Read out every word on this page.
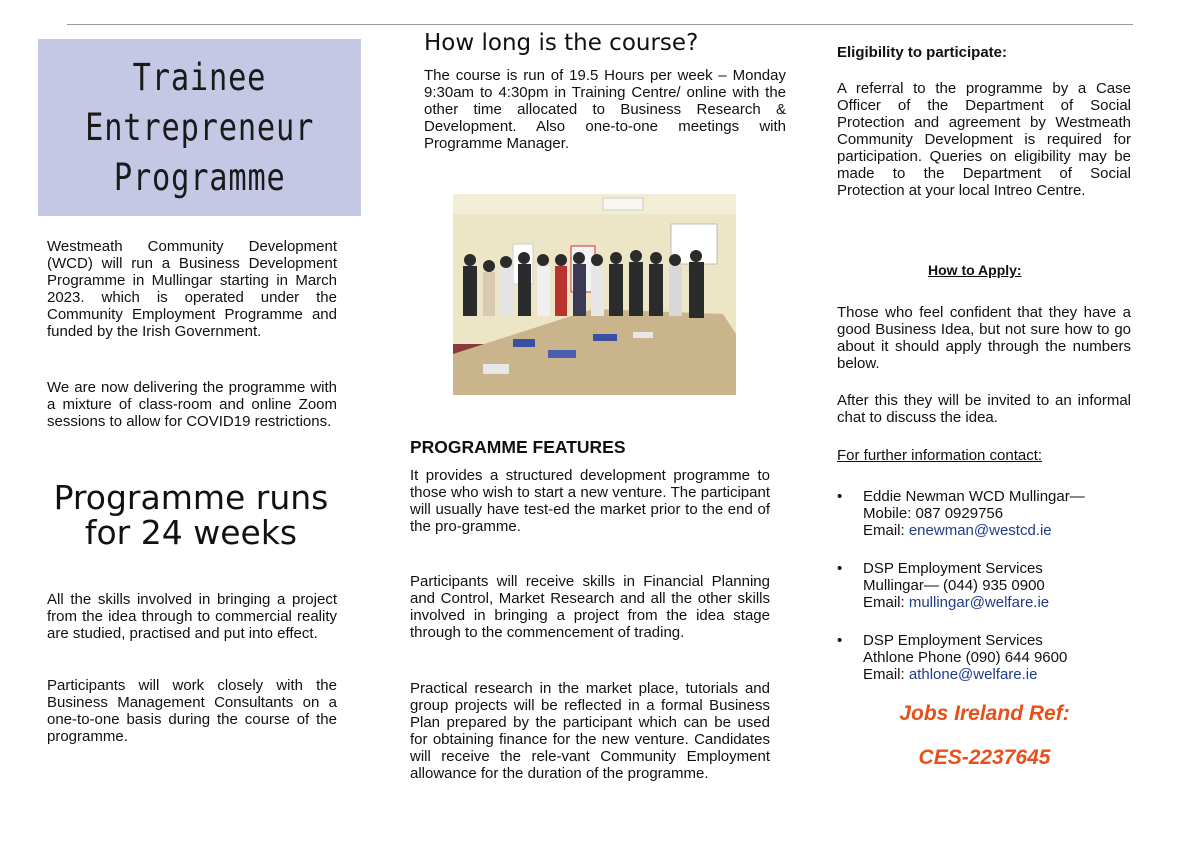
Trainee
Entrepreneur
Programme

Westmeath Community Development (WCD) will run a Business Development Programme in Mullingar starting in March 2023. which is operated under the Community Employment Programme and funded by the Irish Government.

We are now delivering the programme with a mixture of class-room and online Zoom sessions to allow for COVID19 restrictions.

Programme runs for 24 weeks

All the skills involved in bringing a project from the idea through to commercial reality are studied, practised and put into effect.

Participants will work closely with the Business Management Consultants on a one-to-one basis during the course of the programme.

How long is the course?

The course is run of 19.5 Hours per week – Monday 9:30am to 4:30pm in Training Centre/ online with the other time allocated to Business Research & Development. Also one-to-one meetings with Programme Manager.

PROGRAMME FEATURES

It provides a structured development programme to those who wish to start a new venture. The participant will usually have test-ed the market prior to the end of the pro-gramme.

Participants will receive skills in Financial Planning and Control, Market Research and all the other skills involved in bringing a project from the idea stage through to the commencement of trading.

Practical research in the market place, tutorials and group projects will be reflected in a formal Business Plan prepared by the participant which can be used for obtaining finance for the new venture. Candidates will receive the rele-vant Community Employment allowance for the duration of the programme.

Eligibility to participate:

A referral to the programme by a Case Officer of the Department of Social Protection and agreement by Westmeath Community Development is required for participation. Queries on eligibility may be made to the Department of Social Protection at your local Intreo Centre.

How to Apply:

Those who feel confident that they have a good Business Idea, but not sure how to go about it should apply through the numbers below.

After this they will be invited to an informal chat to discuss the idea.

For further information contact:
• Eddie Newman WCD Mullingar—
Mobile: 087 0929756
Email: enewman@westcd.ie
• DSP Employment Services
Mullingar— (044) 935 0900
Email: mullingar@welfare.ie
• DSP Employment Services
Athlone Phone (090) 644 9600
Email: athlone@welfare.ie
Jobs Ireland Ref:
CES-2237645
